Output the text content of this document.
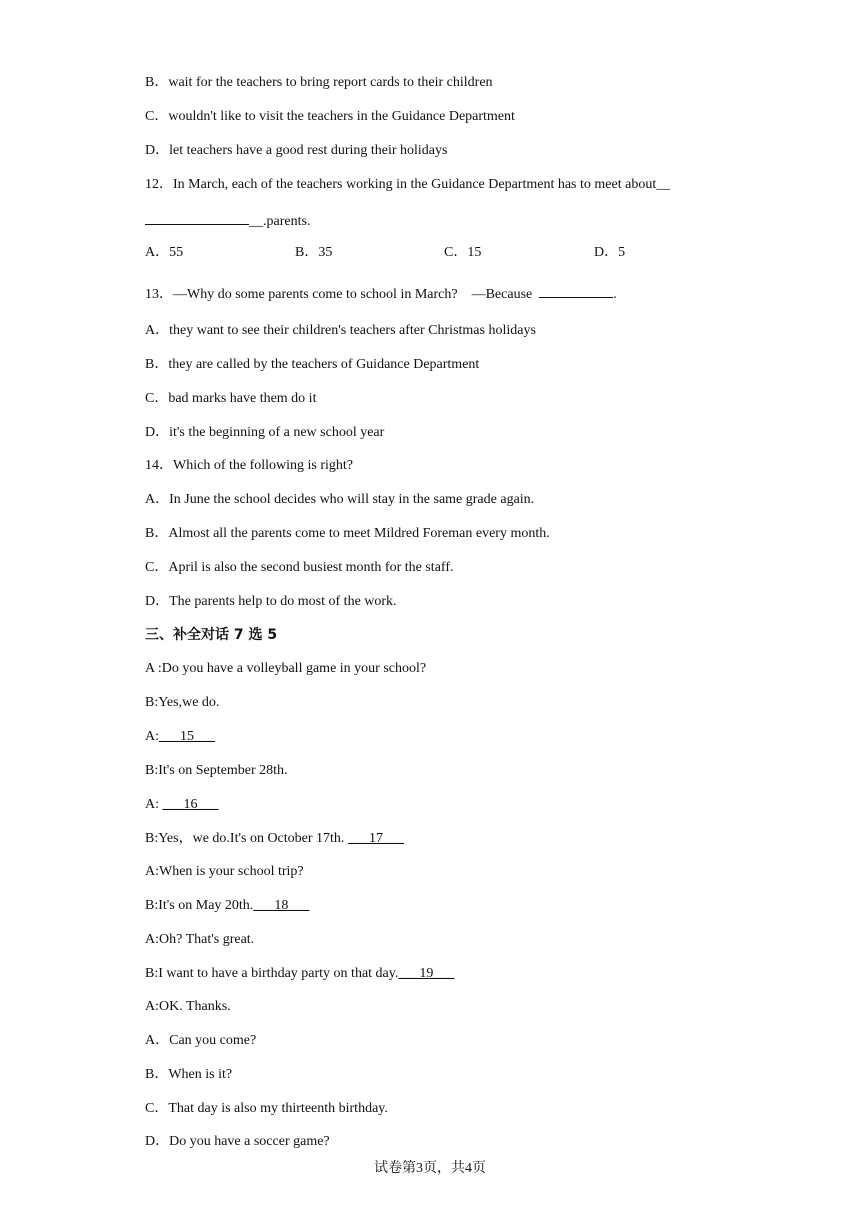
B．wait for the teachers to bring report cards to their children
C．wouldn't like to visit the teachers in the Guidance Department
D．let teachers have a good rest during their holidays
12．In March, each of the teachers working in the Guidance Department has to meet about__
__.parents.
A．55	B．35	C．15	D．5
13．—Why do some parents come to school in March?    —Because	.
A．they want to see their children's teachers after Christmas holidays
B．they are called by the teachers of Guidance Department
C．bad marks have them do it
D．it's the beginning of a new school year
14．Which of the following is right?
A．In June the school decides who will stay in the same grade again.
B．Almost all the parents come to meet Mildred Foreman every month.
C．April is also the second busiest month for the staff.
D．The parents help to do most of the work.
三、补全对话 7 选 5
A :Do you have a volleyball game in your school?
B:Yes,we do.
A:___15___
B:It's on September 28th.
A: ___16___
B:Yes，we do.It's on October 17th. ___17___
A:When is your school trip?
B:It's on May 20th.___18___
A:Oh? That's great.
B:I want to have a birthday party on that day.___19___
A:OK. Thanks.
A．Can you come?
B．When is it?
C．That day is also my thirteenth birthday.
D．Do you have a soccer game?
试卷第3页，共4页
